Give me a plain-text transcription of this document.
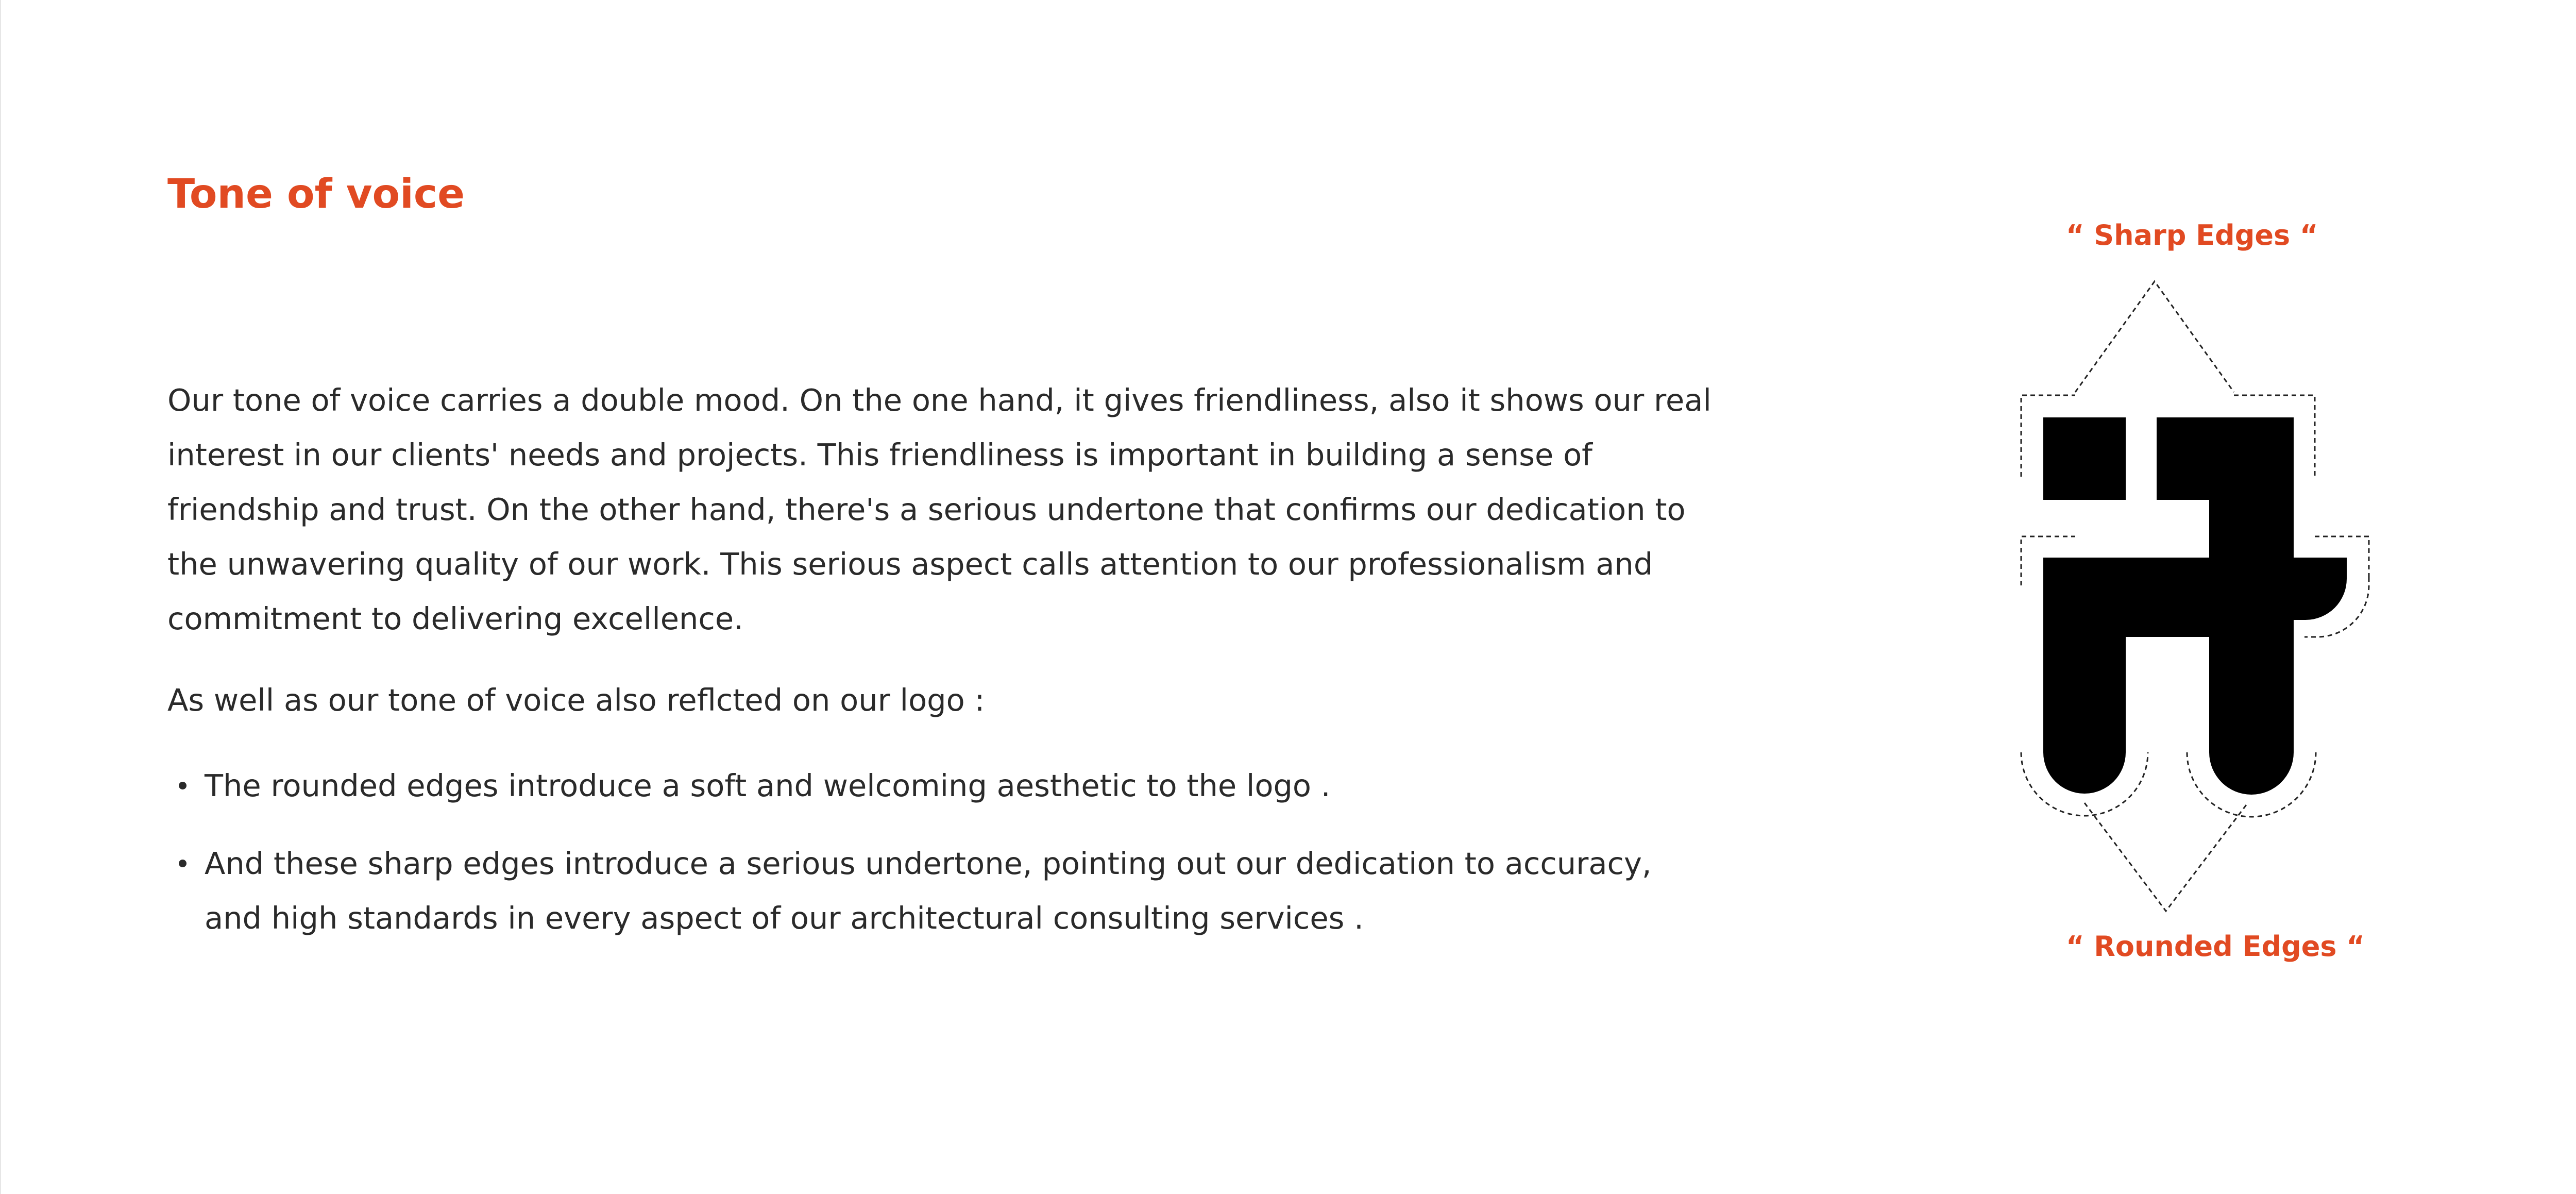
Tone of voice

Our tone of voice carries a double mood. On the one hand, it gives friendliness, also it shows our real interest in our clients' needs and projects. This friendliness is important in building a sense of friendship and trust. On the other hand, there's a serious undertone that confirms our dedication to the unwavering quality of our work. This serious aspect calls attention to our professionalism and commitment to delivering excellence.

As well as our tone of voice also reflcted on our logo :

The rounded edges introduce a soft and welcoming aesthetic to the logo .
And these sharp edges introduce a serious undertone, pointing out our dedication to accuracy, and high standards in every aspect of our architectural consulting services .
“ Sharp Edges “
“ Rounded Edges “
